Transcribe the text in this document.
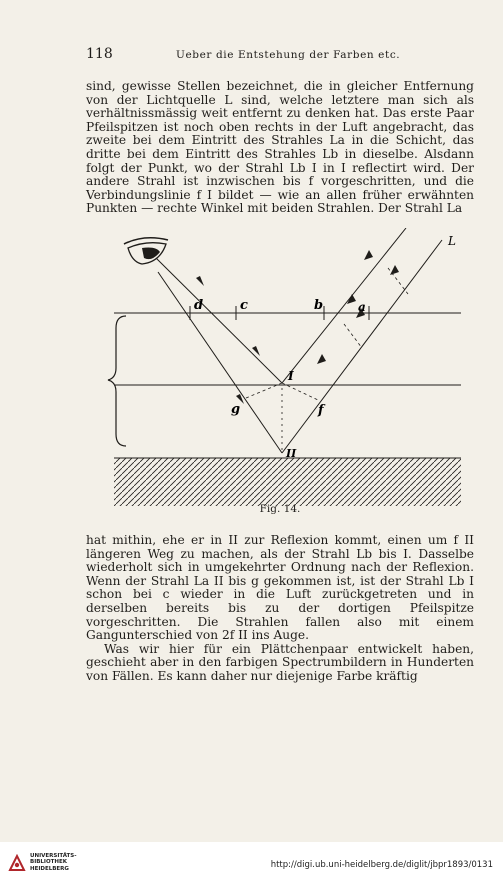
118	Ueber die Entstehung der Farben etc.

sind, gewisse Stellen bezeichnet, die in gleicher Entfernung von der Lichtquelle L sind, welche letztere man sich als verhältnissmässig weit entfernt zu denken hat. Das erste Paar Pfeilspitzen ist noch oben rechts in der Luft angebracht, das zweite bei dem Eintritt des Strahles La in die Schicht, das dritte bei dem Eintritt des Strahles Lb in dieselbe. Alsdann folgt der Punkt, wo der Strahl Lb I in I reflectirt wird. Der andere Strahl ist inzwischen bis f vorgeschritten, und die Verbindungslinie f I bildet — wie an allen früher erwähnten Punkten — rechte Winkel mit beiden Strahlen. Der Strahl La

L
d	c	b	a
I
g	f
II
Fig. 14.

hat mithin, ehe er in II zur Reflexion kommt, einen um f II längeren Weg zu machen, als der Strahl Lb bis I. Dasselbe wiederholt sich in umgekehrter Ordnung nach der Reflexion. Wenn der Strahl La II bis g gekommen ist, ist der Strahl Lb I schon bei c wieder in die Luft zurückgetreten und in derselben bereits bis zu der dortigen Pfeilspitze vorgeschritten. Die Strahlen fallen also mit einem Gangunterschied von 2f II ins Auge.

Was wir hier für ein Plättchenpaar entwickelt haben, geschieht aber in den farbigen Spectrumbildern in Hunderten von Fällen. Es kann daher nur diejenige Farbe kräftig

UNIVERSITÄTS-
BIBLIOTHEK
HEIDELBERG	http://digi.ub.uni-heidelberg.de/diglit/jbpr1893/0131
